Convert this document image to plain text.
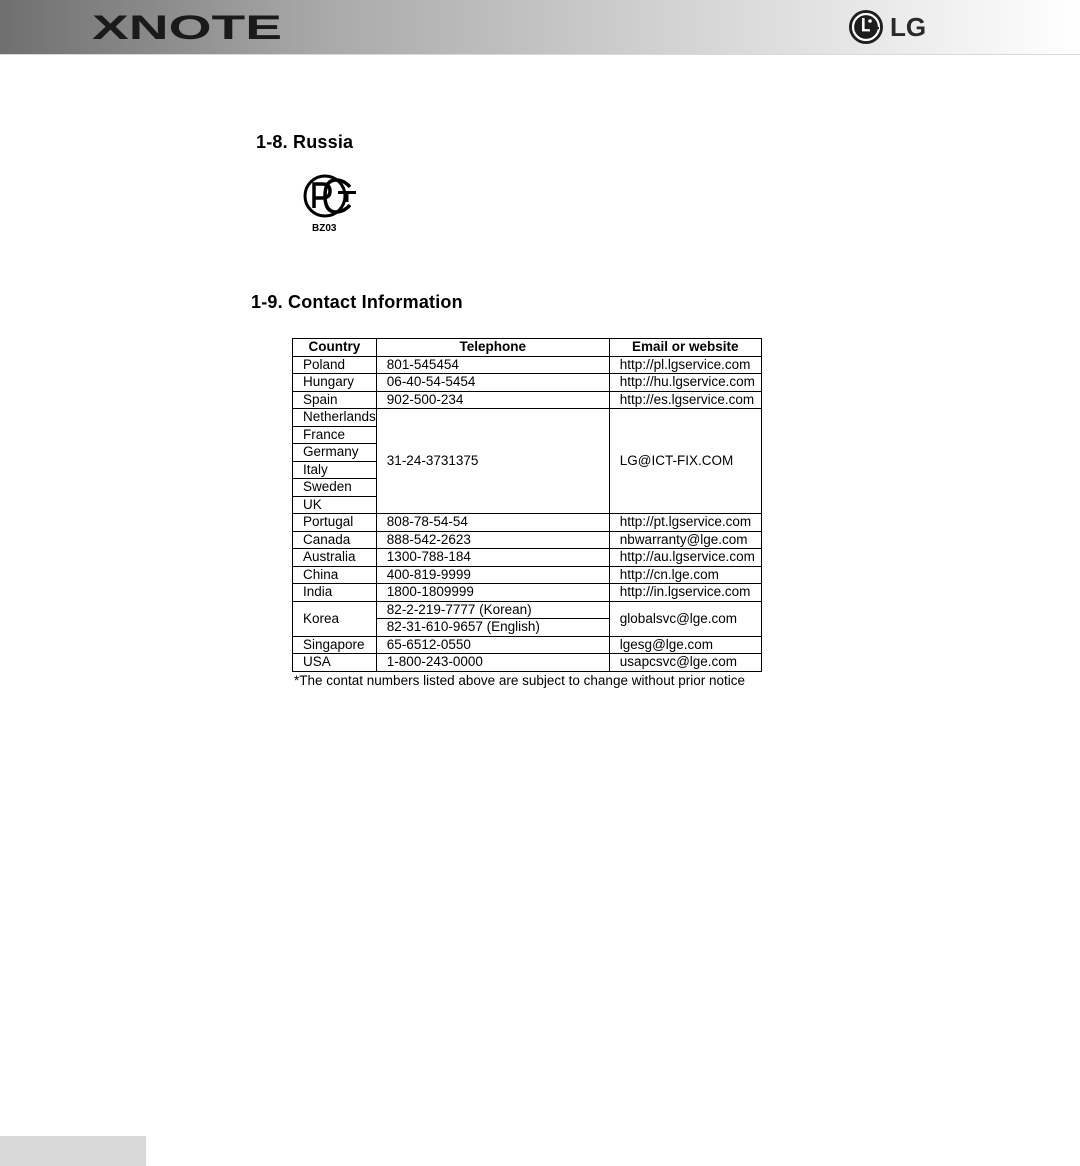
XNOTE	LG
1-8. Russia
BZ03
1-9. Contact Information
Country	Telephone	Email or website
Poland	801-545454	http://pl.lgservice.com
Hungary	06-40-54-5454	http://hu.lgservice.com
Spain	902-500-234	http://es.lgservice.com
Netherlands	31-24-3731375	LG@ICT-FIX.COM
France		
Germany		
Italy		
Sweden		
UK		
Portugal	808-78-54-54	http://pt.lgservice.com
Canada	888-542-2623	nbwarranty@lge.com
Australia	1300-788-184	http://au.lgservice.com
China	400-819-9999	http://cn.lge.com
India	1800-1809999	http://in.lgservice.com
Korea	82-2-219-7777 (Korean)	globalsvc@lge.com
	82-31-610-9657 (English)	
Singapore	65-6512-0550	lgesg@lge.com
USA	1-800-243-0000	usapcsvc@lge.com
*The contat numbers listed above are subject to change without prior notice
